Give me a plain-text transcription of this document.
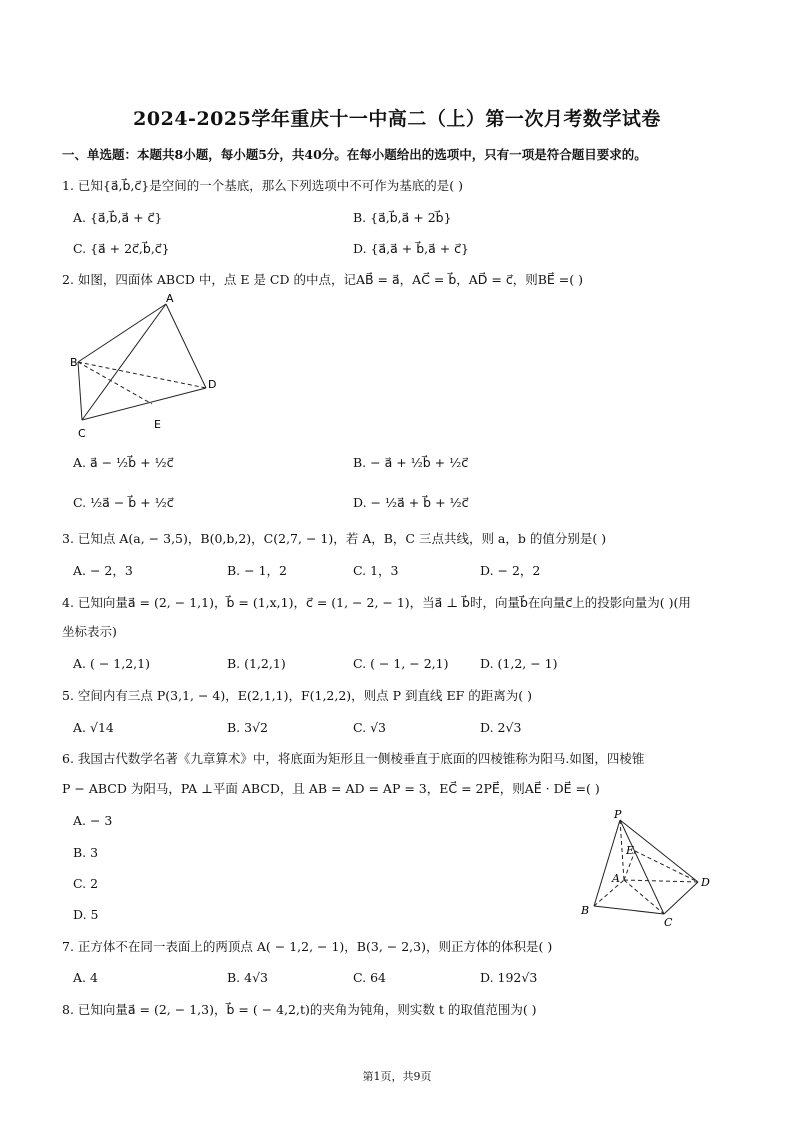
2024-2025学年重庆十一中高二（上）第一次月考数学试卷
一、单选题：本题共8小题，每小题5分，共40分。在每小题给出的选项中，只有一项是符合题目要求的。
1. 已知{a⃗,b⃗,c⃗}是空间的一个基底，那么下列选项中不可作为基底的是( )
A. {a⃗,b⃗,a⃗ + c⃗}	B. {a⃗,b⃗,a⃗ + 2b⃗}
C. {a⃗ + 2c⃗,b⃗,c⃗}	D. {a⃗,a⃗ + b⃗,a⃗ + c⃗}
2. 如图，四面体 ABCD 中，点 E 是 CD 的中点，记AB⃗ = a⃗，AC⃗ = b⃗，AD⃗ = c⃗，则BE⃗ =( )
A
B
C
D
E
A. a⃗ − ½b⃗ + ½c⃗	B. − a⃗ + ½b⃗ + ½c⃗
C. ½a⃗ − b⃗ + ½c⃗	D. − ½a⃗ + b⃗ + ½c⃗
3. 已知点 A(a, − 3,5)，B(0,b,2)，C(2,7, − 1)，若 A，B，C 三点共线，则 a，b 的值分别是( )
A. − 2，3	B. − 1，2	C. 1，3	D. − 2，2
4. 已知向量a⃗ = (2, − 1,1)，b⃗ = (1,x,1)，c⃗ = (1, − 2, − 1)，当a⃗ ⊥ b⃗时，向量b⃗在向量c⃗上的投影向量为( )(用
坐标表示)
A. ( − 1,2,1)	B. (1,2,1)	C. ( − 1, − 2,1)	D. (1,2, − 1)
5. 空间内有三点 P(3,1, − 4)，E(2,1,1)，F(1,2,2)，则点 P 到直线 EF 的距离为( )
A. √14	B. 3√2	C. √3	D. 2√3
6. 我国古代数学名著《九章算术》中，将底面为矩形且一侧棱垂直于底面的四棱锥称为阳马.如图，四棱锥
P − ABCD 为阳马，PA ⊥平面 ABCD，且 AB = AD = AP = 3，EC⃗ = 2PE⃗，则AE⃗ · DE⃗ =( )
A. − 3
B. 3
C. 2
D. 5
P
E
A	D
B
C
7. 正方体不在同一表面上的两顶点 A( − 1,2, − 1)，B(3, − 2,3)，则正方体的体积是( )
A. 4	B. 4√3	C. 64	D. 192√3
8. 已知向量a⃗ = (2, − 1,3)，b⃗ = ( − 4,2,t)的夹角为钝角，则实数 t 的取值范围为( )
第1页，共9页
